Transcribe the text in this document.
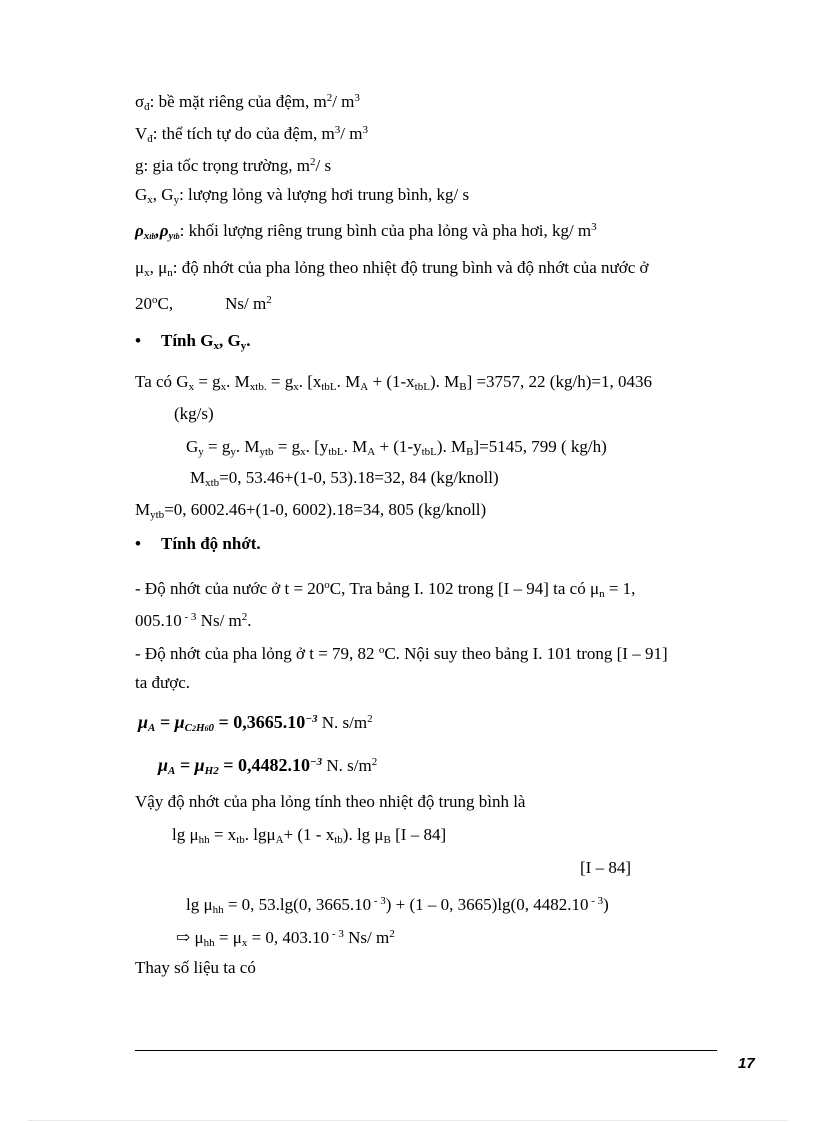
$\sigma_đ$: bề mặt riêng của đệm, $m^2/$ $m^3$
$V_đ$: thể tích tự do của đệm, $m^3/$ $m^3$
g: gia tốc trọng trường, $m^2/$ s
$G_x$, $G_y$: lượng lỏng và lượng hơi trung bình, kg/ s
$\rho_{xtb},\rho_{ytb}$: khối lượng riêng trung bình của pha lỏng và pha hơi, kg/ $m^3$
$\mu_x$, $\mu_n$: độ nhớt của pha lỏng theo nhiệt độ trung bình và độ nhớt của nước ở
20$^o$C,	Ns/ $m^2$
• Tính $G_x$, $G_y$.
Ta có $G_x = g_x$. $M_{xtb.} = g_x$. [$x_{tbL}$. $M_A + (1-x_{tbL})$. $M_B] =3757$, 22 (kg/h)=1, 0436
(kg/s)
$G_y = g_y$. $M_{ytb} = g_x$. [$y_{tbL}$. $M_A + (1-y_{tbL})$. $M_B]=5145$, 799 ( kg/h)
$M_{xtb}=0$, 53.46+(1-0, 53).18=32, 84 (kg/knoll)
$M_{ytb}=0$, 6002.46+(1-0, 6002).18=34, 805 (kg/knoll)
• Tính độ nhớt.
- Độ nhớt của nước ở $t = 20^oC$, Tra bảng I. 102 trong [I – 94] ta có $\mu_n = 1$,
005.10 $^{- 3}$ Ns/ $m^2$.
- Độ nhớt của pha lỏng ở t = 79, 82 $^o$C. Nội suy theo bảng I. 101 trong [I – 91]
ta được.
$\mu_A = \mu_{C2H60} = 0,3665.10^{-3}$ N. $s/m^2$
$\mu_A = \mu_{H2} = 0,4482.10^{-3}$ N. $s/m^2$
Vậy độ nhớt của pha lỏng tính theo nhiệt độ trung bình là
$\lg \mu_{hh} = x_{tb}$. $\lg\mu_A+ (1 - x_{tb})$. $\lg \mu_B$ [I – 84]
[I – 84]
$\lg \mu_{hh} = 0$, 53.lg(0, 3665.10 $^{- 3}$) + (1 – 0, 3665)lg(0, 4482.10 $^{- 3}$)
⇨ $\mu_{hh} = \mu_x = 0$, 403.10 $^{- 3}$ Ns/ $m^2$
Thay số liệu ta có
17
